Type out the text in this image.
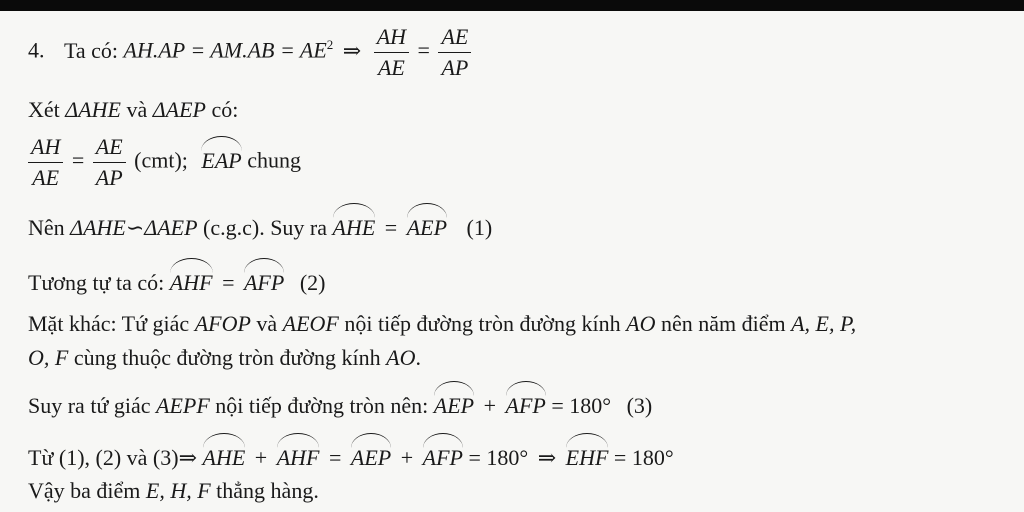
4. Ta có: $AH.AP = AM.AB = AE^2$ ⇒ $\frac{AH}{AE} = \frac{AE}{AP}$
Xét ΔAHE và ΔAEP có:
$\frac{AH}{AE} = \frac{AE}{AP} (cmt)$; EAP chung
Nên ΔAHE∽ΔAEP (c.g.c). Suy ra AHE = AEP (1)
Tương tự ta có: AHF = AFP (2)
Mặt khác: Tứ giác AFOP và AEOF nội tiếp đường tròn đường kính AO nên năm điểm A, E, P,
O, F cùng thuộc đường tròn đường kính AO.
Suy ra tứ giác AEPF nội tiếp đường tròn nên: AEP + AFP = 180° (3)
Từ (1), (2) và (3)⇒ AHE + AHF = AEP + AFP = 180° ⇒ EHF = 180°
Vậy ba điểm E, H, F thẳng hàng.
